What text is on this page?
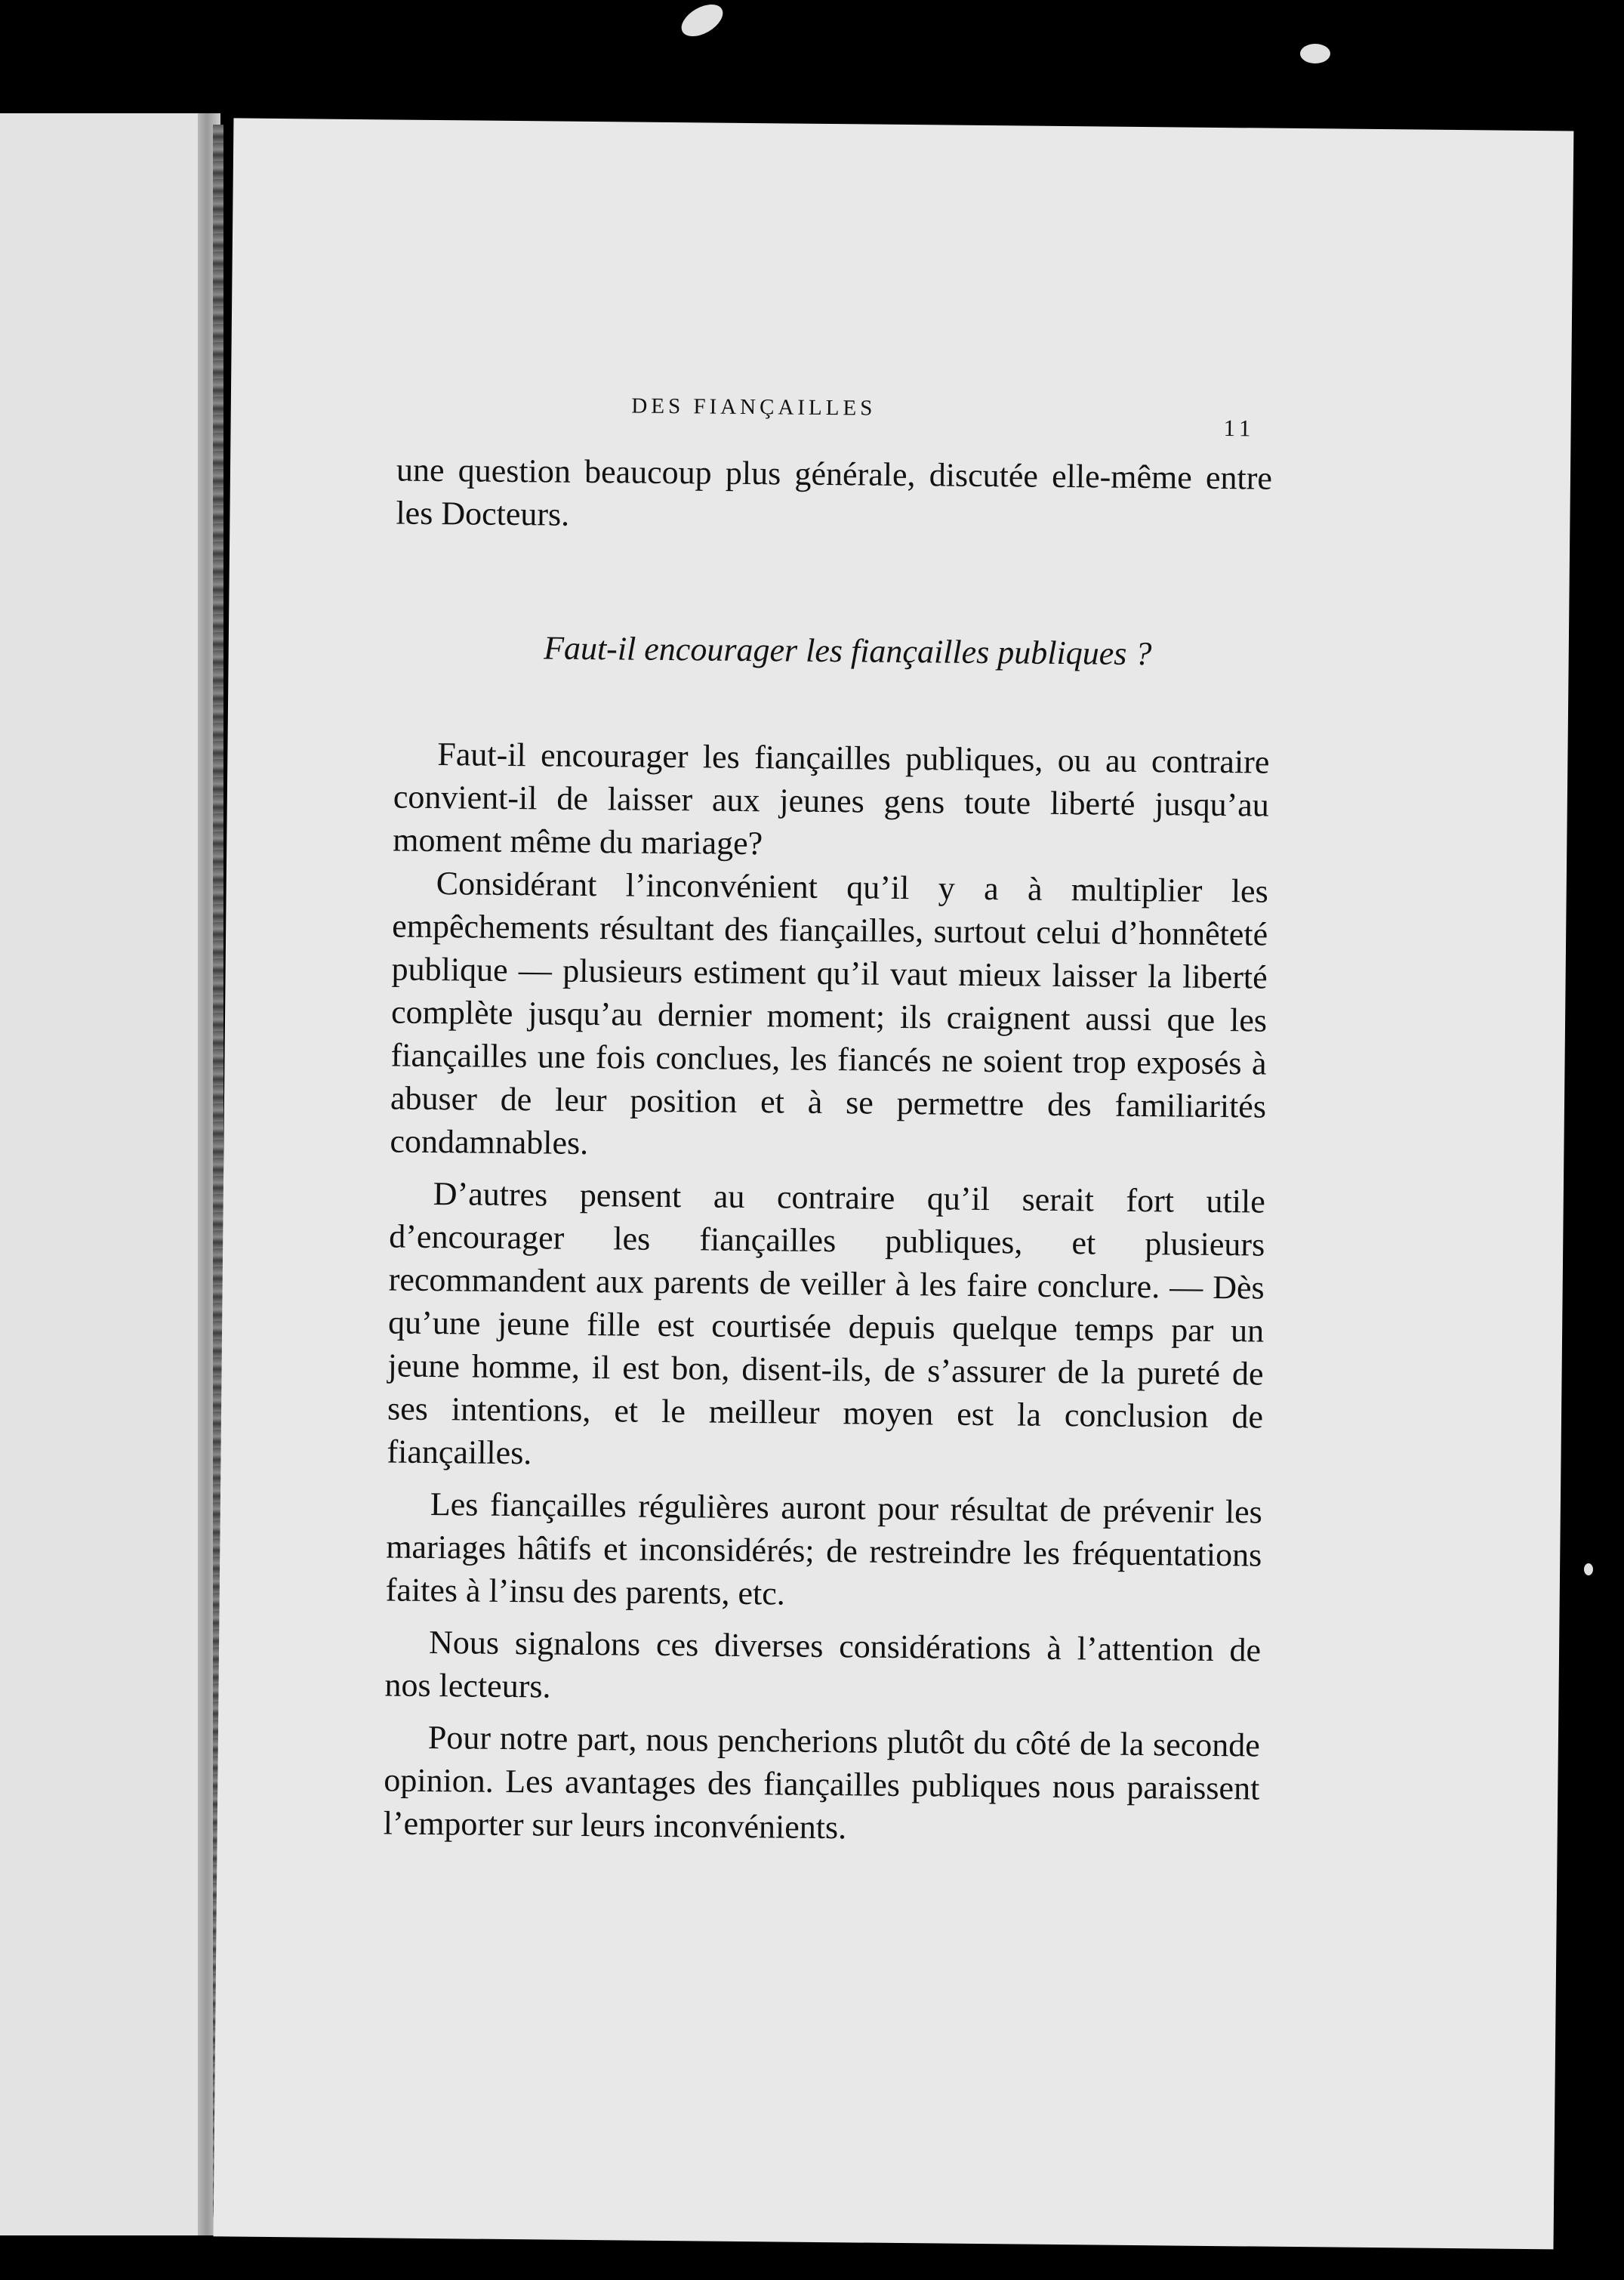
DES FIANÇAILLES
11

une question beaucoup plus générale, discutée elle-même entre les Docteurs.

Faut-il encourager les fiançailles publiques ?

Faut-il encourager les fiançailles publiques, ou au contraire convient-il de laisser aux jeunes gens toute liberté jusqu’au moment même du mariage?

Considérant l’inconvénient qu’il y a à multiplier les empêchements résultant des fiançailles, surtout celui d’honnêteté publique — plusieurs estiment qu’il vaut mieux laisser la liberté complète jusqu’au dernier moment; ils craignent aussi que les fiançailles une fois conclues, les fiancés ne soient trop exposés à abuser de leur position et à se permettre des familiarités condamnables.

D’autres pensent au contraire qu’il serait fort utile d’encourager les fiançailles publiques, et plusieurs recommandent aux parents de veiller à les faire conclure. — Dès qu’une jeune fille est courtisée depuis quelque temps par un jeune homme, il est bon, disent-ils, de s’assurer de la pureté de ses intentions, et le meilleur moyen est la conclusion de fiançailles.

Les fiançailles régulières auront pour résultat de prévenir les mariages hâtifs et inconsidérés; de restreindre les fréquentations faites à l’insu des parents, etc.

Nous signalons ces diverses considérations à l’attention de nos lecteurs.

Pour notre part, nous pencherions plutôt du côté de la seconde opinion. Les avantages des fiançailles publiques nous paraissent l’emporter sur leurs inconvénients.
